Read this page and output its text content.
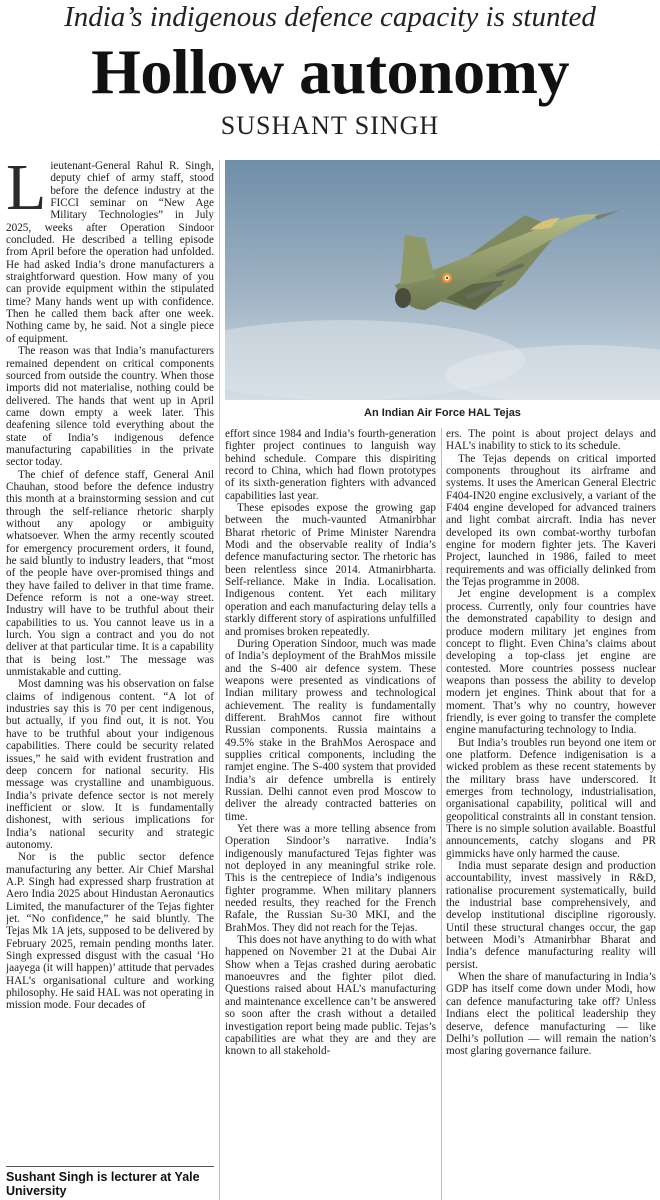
India’s indigenous defence capacity is stunted
Hollow autonomy
SUSHANT SINGH

Lieutenant-General Rahul R. Singh, deputy chief of army staff, stood before the defence industry at the FICCI seminar on “New Age Military Technologies” in July 2025, weeks after Operation Sindoor concluded. He described a telling episode from April before the operation had unfolded. He had asked India’s drone manufacturers a straightforward question. How many of you can provide equipment within the stipulated time? Many hands went up with confidence. Then he called them back after one week. Nothing came by, he said. Not a single piece of equipment.

The reason was that India’s manufacturers remained dependent on critical components sourced from outside the country. When those imports did not materialise, nothing could be delivered. The hands that went up in April came down empty a week later. This deafening silence told everything about the state of India’s indigenous defence manufacturing capabilities in the private sector today.

The chief of defence staff, General Anil Chauhan, stood before the defence industry this month at a brainstorming session and cut through the self-reliance rhetoric sharply without any apology or ambiguity whatsoever. When the army recently scouted for emergency procurement orders, it found, he said bluntly to industry leaders, that “most of the people have over-promised things and they have failed to deliver in that time frame. Defence reform is not a one-way street. Industry will have to be truthful about their capabilities to us. You cannot leave us in a lurch. You sign a contract and you do not deliver at that particular time. It is a capability that is being lost.” The message was unmistakable and cutting.

Most damning was his observation on false claims of indigenous content. “A lot of industries say this is 70 per cent indigenous, but actually, if you find out, it is not. You have to be truthful about your indigenous capabilities. There could be security related issues,” he said with evident frustration and deep concern for national security. His message was crystalline and unambiguous. India’s private defence sector is not merely inefficient or slow. It is fundamentally dishonest, with serious implications for India’s national security and strategic autonomy.

Nor is the public sector defence manufacturing any better. Air Chief Marshal A.P. Singh had expressed sharp frustration at Aero India 2025 about Hindustan Aeronautics Limited, the manufacturer of the Tejas fighter jet. “No confidence,” he said bluntly. The Tejas Mk 1A jets, supposed to be delivered by February 2025, remain pending months later. Singh expressed disgust with the casual ‘Ho jaayega (it will happen)’ attitude that pervades HAL’s organisational culture and working philosophy. He said HAL was not operating in mission mode. Four decades of

An Indian Air Force HAL Tejas

effort since 1984 and India’s fourth-generation fighter project continues to languish way behind schedule. Compare this dispiriting record to China, which had flown prototypes of its sixth-generation fighters with advanced capabilities last year.

These episodes expose the growing gap between the much-vaunted Atmanirbhar Bharat rhetoric of Prime Minister Narendra Modi and the observable reality of India’s defence manufacturing sector. The rhetoric has been relentless since 2014. Atmanirbharta. Self-reliance. Make in India. Localisation. Indigenous content. Yet each military operation and each manufacturing delay tells a starkly different story of aspirations unfulfilled and promises broken repeatedly.

During Operation Sindoor, much was made of India’s deployment of the BrahMos missile and the S-400 air defence system. These weapons were presented as vindications of Indian military prowess and technological achievement. The reality is fundamentally different. BrahMos cannot fire without Russian components. Russia maintains a 49.5% stake in the BrahMos Aerospace and supplies critical components, including the ramjet engine. The S-400 system that provided India’s air defence umbrella is entirely Russian. Delhi cannot even prod Moscow to deliver the already contracted batteries on time.

Yet there was a more telling absence from Operation Sindoor’s narrative. India’s indigenously manufactured Tejas fighter was not deployed in any meaningful strike role. This is the centrepiece of India’s indigenous fighter programme. When military planners needed results, they reached for the French Rafale, the Russian Su-30 MKI, and the BrahMos. They did not reach for the Tejas.

This does not have anything to do with what happened on November 21 at the Dubai Air Show when a Tejas crashed during aerobatic manoeuvres and the fighter pilot died. Questions raised about HAL’s manufacturing and maintenance excellence can’t be answered so soon after the crash without a detailed investigation report being made public. Tejas’s capabilities are what they are and they are known to all stakehold-

ers. The point is about project delays and HAL’s inability to stick to its schedule.

The Tejas depends on critical imported components throughout its airframe and systems. It uses the American General Electric F404-IN20 engine exclusively, a variant of the F404 engine developed for advanced trainers and light combat aircraft. India has never developed its own combat-worthy turbofan engine for modern fighter jets. The Kaveri Project, launched in 1986, failed to meet requirements and was officially delinked from the Tejas programme in 2008.

Jet engine development is a complex process. Currently, only four countries have the demonstrated capability to design and produce modern military jet engines from concept to flight. Even China’s claims about developing a top-class jet engine are contested. More countries possess nuclear weapons than possess the ability to develop modern jet engines. Think about that for a moment. That’s why no country, however friendly, is ever going to transfer the complete engine manufacturing technology to India.

But India’s troubles run beyond one item or one platform. Defence indigenisation is a wicked problem as these recent statements by the military brass have underscored. It emerges from technology, industrialisation, organisational capability, political will and geopolitical constraints all in constant tension. There is no simple solution available. Boastful announcements, catchy slogans and PR gimmicks have only harmed the cause.

India must separate design and production accountability, invest massively in R&D, rationalise procurement systematically, build the industrial base comprehensively, and develop institutional discipline rigorously. Until these structural changes occur, the gap between Modi’s Atmanirbhar Bharat and India’s defence manufacturing reality will persist.

When the share of manufacturing in India’s GDP has itself come down under Modi, how can defence manufacturing take off? Unless Indians elect the political leadership they deserve, defence manufacturing — like Delhi’s pollution — will remain the nation’s most glaring governance failure.

Sushant Singh is lecturer at Yale University
